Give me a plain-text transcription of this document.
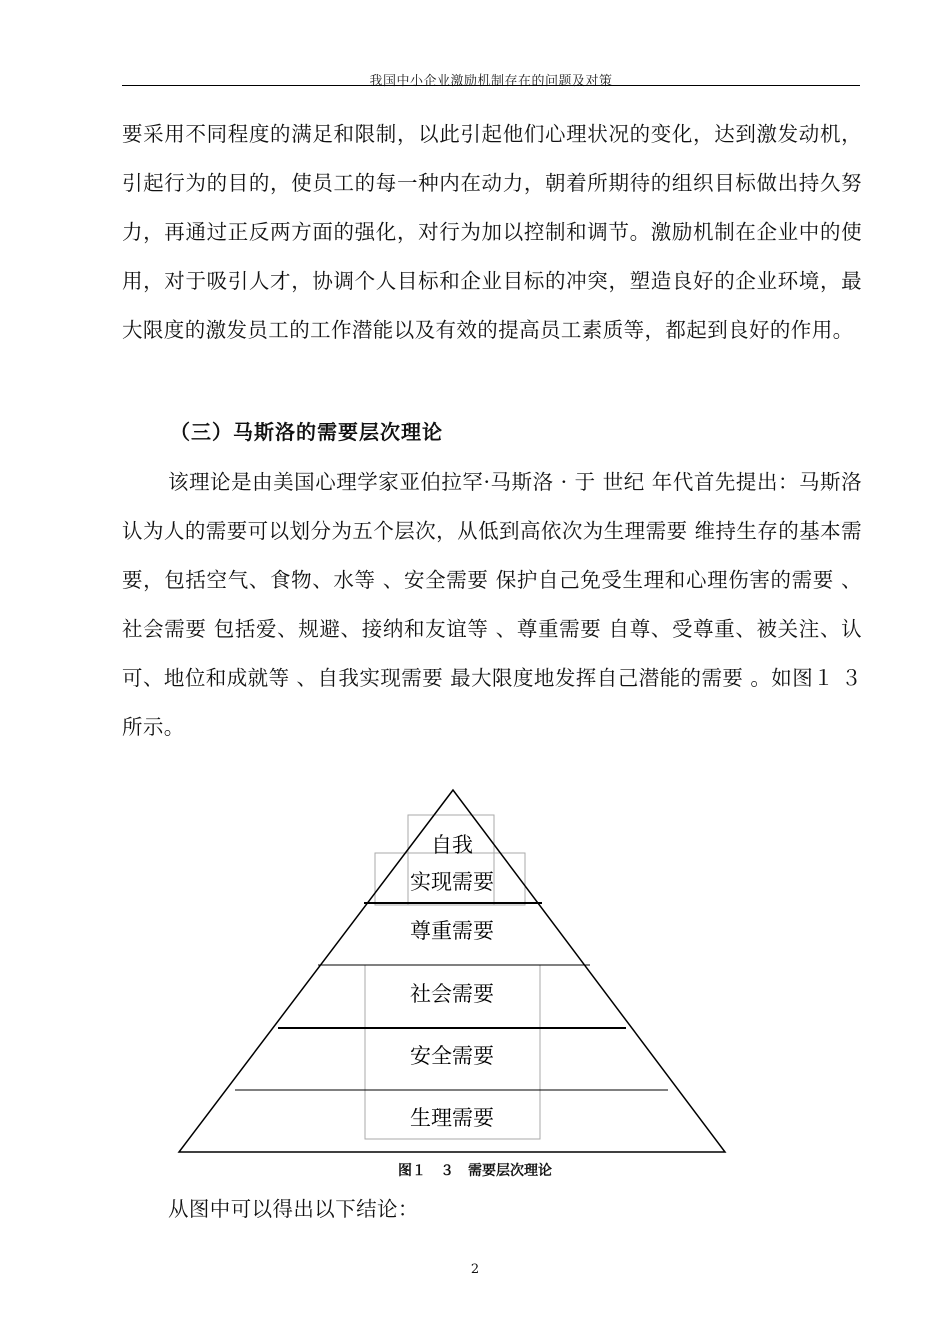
我国中小企业激励机制存在的问题及对策

要采用不同程度的满足和限制，以此引起他们心理状况的变化，达到激发动机，引起行为的目的，使员工的每一种内在动力，朝着所期待的组织目标做出持久努力，再通过正反两方面的强化，对行为加以控制和调节。激励机制在企业中的使用，对于吸引人才，协调个人目标和企业目标的冲突，塑造良好的企业环境，最大限度的激发员工的工作潜能以及有效的提高员工素质等，都起到良好的作用。

（三）马斯洛的需要层次理论

该理论是由美国心理学家亚伯拉罕·马斯洛 · 于 世纪 年代首先提出：马斯洛认为人的需要可以划分为五个层次，从低到高依次为生理需要 维持生存的基本需要，包括空气、食物、水等 、安全需要 保护自己免受生理和心理伤害的需要 、社会需要 包括爱、规避、接纳和友谊等 、尊重需要 自尊、受尊重、被关注、认可、地位和成就等 、自我实现需要 最大限度地发挥自己潜能的需要 。如图１ ３所示。

自我
实现需要
尊重需要
社会需要
安全需要
生理需要
图１　３　需要层次理论

从图中可以得出以下结论：

2
